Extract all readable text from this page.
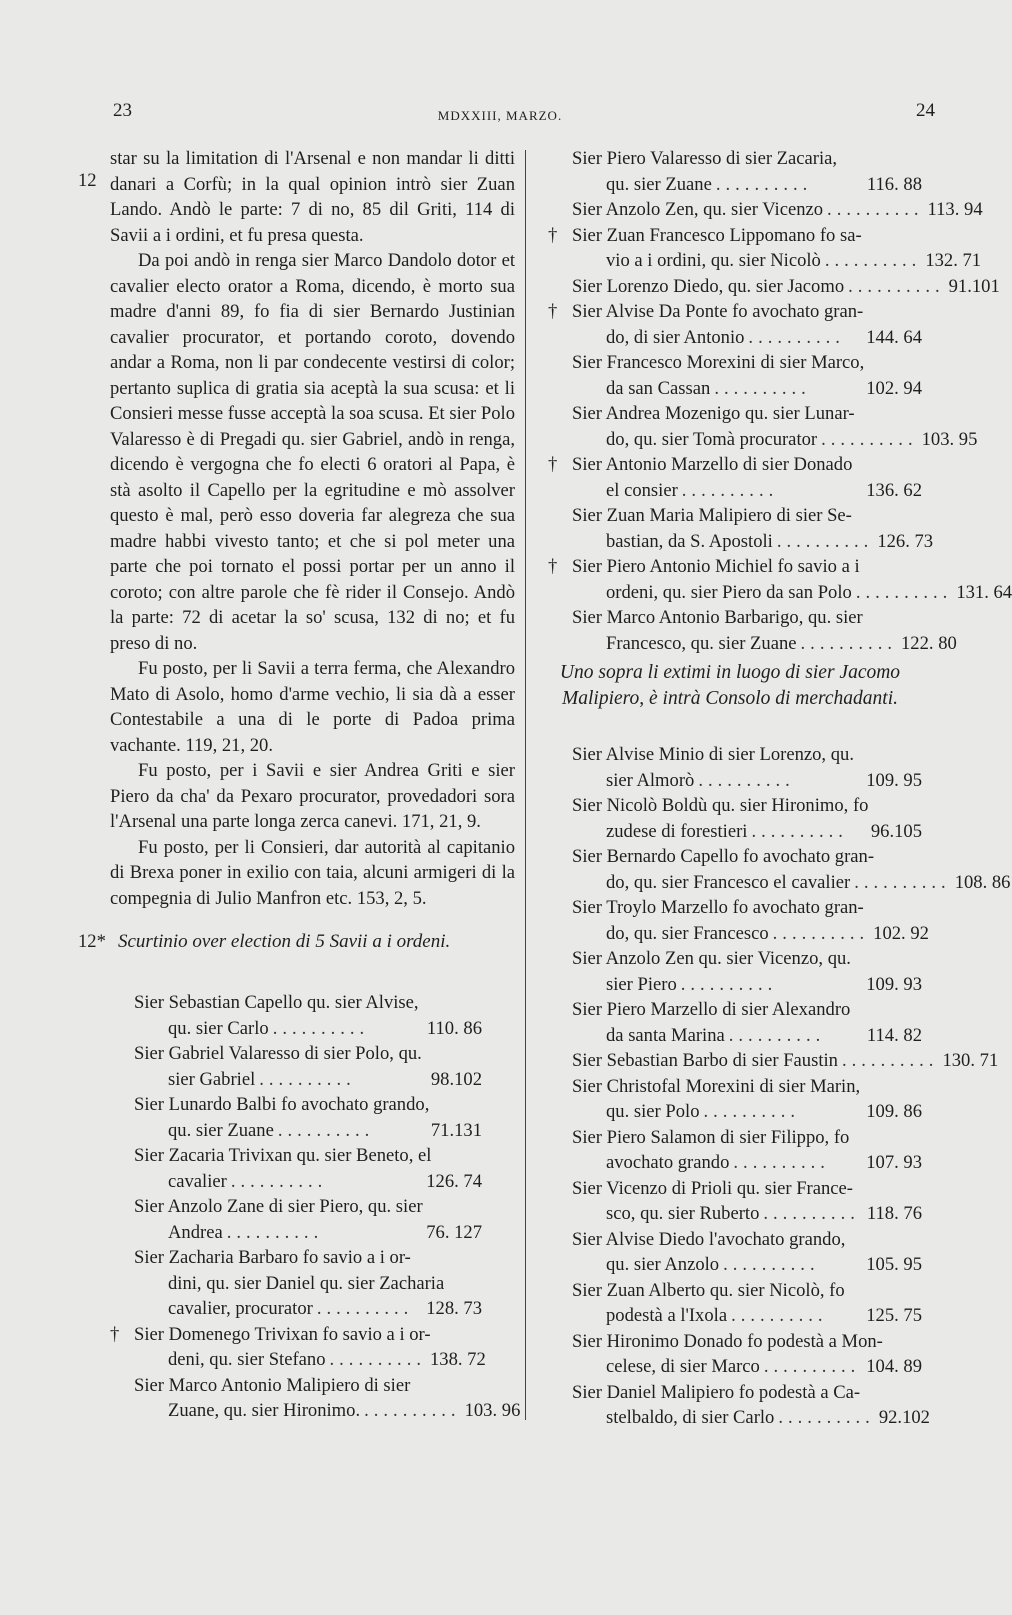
23	MDXXIII, MARZO.	24
12
12*

star su la limitation di l'Arsenal e non mandar li ditti danari a Corfù; in la qual opinion intrò sier Zuan Lando. Andò le parte: 7 di no, 85 dil Griti, 114 di Savii a i ordini, et fu presa questa.

Da poi andò in renga sier Marco Dandolo dotor et cavalier electo orator a Roma, dicendo, è morto sua madre d'anni 89, fo fia di sier Bernardo Justinian cavalier procurator, et portando coroto, dovendo andar a Roma, non li par condecente vestirsi di color; pertanto suplica di gratia sia aceptà la sua scusa: et li Consieri messe fusse acceptà la soa scusa. Et sier Polo Valaresso è di Pregadi qu. sier Gabriel, andò in renga, dicendo è vergogna che fo electi 6 oratori al Papa, è stà asolto il Capello per la egritudine e mò assolver questo è mal, però esso doveria far alegreza che sua madre habbi vivesto tanto; et che si pol meter una parte che poi tornato el possi portar per un anno il coroto; con altre parole che fè rider il Consejo. Andò la parte: 72 di acetar la so' scusa, 132 di no; et fu preso di no.

Fu posto, per li Savii a terra ferma, che Alexandro Mato di Asolo, homo d'arme vechio, li sia dà a esser Contestabile a una di le porte di Padoa prima vachante. 119, 21, 20.

Fu posto, per i Savii e sier Andrea Griti e sier Piero da cha' da Pexaro procurator, provedadori sora l'Arsenal una parte longa zerca canevi. 171, 21, 9.

Fu posto, per li Consieri, dar autorità al capitanio di Brexa poner in exilio con taia, alcuni armigeri di la compegnia di Julio Manfron etc. 153, 2, 5.

Scurtinio over election di 5 Savii a i ordeni.
Sier Sebastian Capello qu. sier Alvise,
qu. sier Carlo ..........	110. 86
Sier Gabriel Valaresso di sier Polo, qu.
sier Gabriel ..........	98.102
Sier Lunardo Balbi fo avochato grando,
qu. sier Zuane ..........	71.131
Sier Zacaria Trivixan qu. sier Beneto, el
cavalier ..........	126. 74
Sier Anzolo Zane di sier Piero, qu. sier
Andrea ..........	76. 127
Sier Zacharia Barbaro fo savio a i or-
dini, qu. sier Daniel qu. sier Zacharia
cavalier, procurator .......... 128. 73
† Sier Domenego Trivixan fo savio a i or-
deni, qu. sier Stefano .......... 138. 72
Sier Marco Antonio Malipiero di sier
Zuane, qu. sier Hironimo. .......... 103. 96
Sier Piero Valaresso di sier Zacaria,
qu. sier Zuane ..........	116. 88
Sier Anzolo Zen, qu. sier Vicenzo .......... 113. 94
† Sier Zuan Francesco Lippomano fo sa-
vio a i ordini, qu. sier Nicolò .......... 132. 71
Sier Lorenzo Diedo, qu. sier Jacomo .......... 91.101
† Sier Alvise Da Ponte fo avochato gran-
do, di sier Antonio ..........	144. 64
Sier Francesco Morexini di sier Marco,
da san Cassan ..........	102. 94
Sier Andrea Mozenigo qu. sier Lunar-
do, qu. sier Tomà procurator .......... 103. 95
† Sier Antonio Marzello di sier Donado
el consier ..........	136. 62
Sier Zuan Maria Malipiero di sier Se-
bastian, da S. Apostoli .......... 126. 73
† Sier Piero Antonio Michiel fo savio a i
ordeni, qu. sier Piero da san Polo .......... 131. 64
Sier Marco Antonio Barbarigo, qu. sier
Francesco, qu. sier Zuane .......... 122. 80
Uno sopra li extimi in luogo di sier Jacomo Malipiero, è intrà Consolo di merchadanti.
Sier Alvise Minio di sier Lorenzo, qu.
sier Almorò ..........	109. 95
Sier Nicolò Boldù qu. sier Hironimo, fo
zudese di forestieri ..........	96.105
Sier Bernardo Capello fo avochato gran-
do, qu. sier Francesco el cavalier .......... 108. 86
Sier Troylo Marzello fo avochato gran-
do, qu. sier Francesco .......... 102. 92
Sier Anzolo Zen qu. sier Vicenzo, qu.
sier Piero ..........	109. 93
Sier Piero Marzello di sier Alexandro
da santa Marina ..........	114. 82
Sier Sebastian Barbo di sier Faustin .......... 130. 71
Sier Christofal Morexini di sier Marin,
qu. sier Polo ..........	109. 86
Sier Piero Salamon di sier Filippo, fo
avochato grando ..........	107. 93
Sier Vicenzo di Prioli qu. sier France-
sco, qu. sier Ruberto .......... 118. 76
Sier Alvise Diedo l'avochato grando,
qu. sier Anzolo ..........	105. 95
Sier Zuan Alberto qu. sier Nicolò, fo
podestà a l'Ixola ..........	125. 75
Sier Hironimo Donado fo podestà a Mon-
celese, di sier Marco .......... 104. 89
Sier Daniel Malipiero fo podestà a Ca-
stelbaldo, di sier Carlo .......... 92.102
